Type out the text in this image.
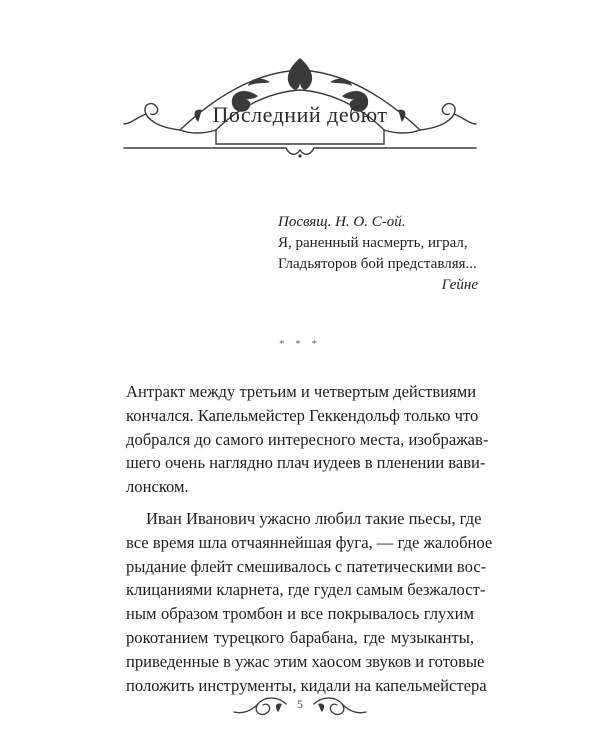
Последний дебют
Посвящ. Н. О. С-ой.
Я, раненный насмерть, играл,
Гладьяторов бой представляя...
Гейне
* * *
Антракт между третьим и четвертым действиями
кончался. Капельмейстер Геккендольф только что
добрался до самого интересного места, изображав-
шего очень наглядно плач иудеев в пленении вави-
лонском.
Иван Иванович ужасно любил такие пьесы, где
все время шла отчаяннейшая фуга, — где жалобное
рыдание флейт смешивалось с патетическими вос-
клицаниями кларнета, где гудел самым безжалост-
ным образом тромбон и все покрывалось глухим
рокотанием турецкого барабана, где музыканты,
приведенные в ужас этим хаосом звуков и готовые
положить инструменты, кидали на капельмейстера
5
